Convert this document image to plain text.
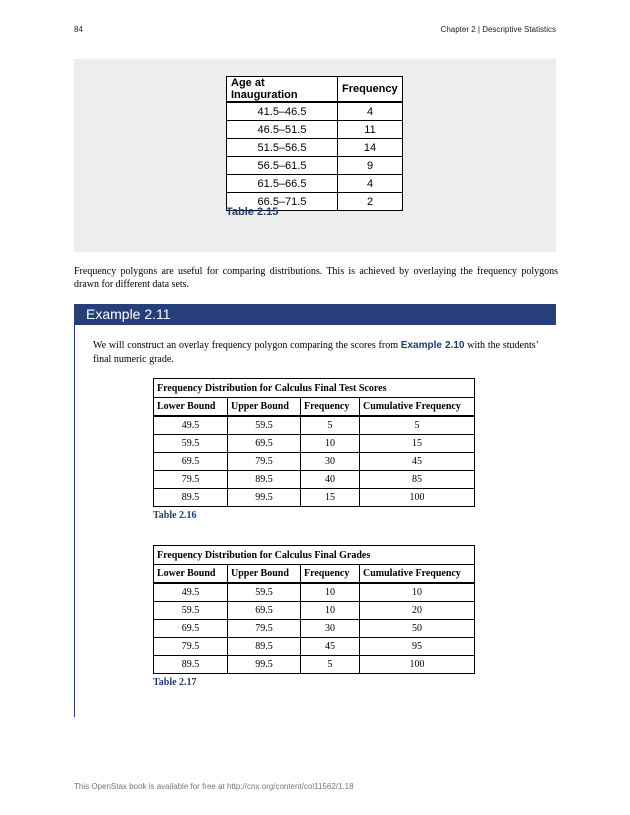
84	Chapter 2 | Descriptive Statistics
Age at Inauguration	Frequency
41.5–46.5	4
46.5–51.5	11
51.5–56.5	14
56.5–61.5	9
61.5–66.5	4
66.5–71.5	2
Table 2.15
Frequency polygons are useful for comparing distributions. This is achieved by overlaying the frequency polygons drawn for different data sets.
Example 2.11
We will construct an overlay frequency polygon comparing the scores from Example 2.10 with the students’ final numeric grade.
Frequency Distribution for Calculus Final Test Scores			
Lower Bound	Upper Bound	Frequency	Cumulative Frequency
49.5	59.5	5	5
59.5	69.5	10	15
69.5	79.5	30	45
79.5	89.5	40	85
89.5	99.5	15	100
Table 2.16
Frequency Distribution for Calculus Final Grades			
Lower Bound	Upper Bound	Frequency	Cumulative Frequency
49.5	59.5	10	10
59.5	69.5	10	20
69.5	79.5	30	50
79.5	89.5	45	95
89.5	99.5	5	100
Table 2.17
This OpenStax book is available for free at http://cnx.org/content/col11562/1.18
